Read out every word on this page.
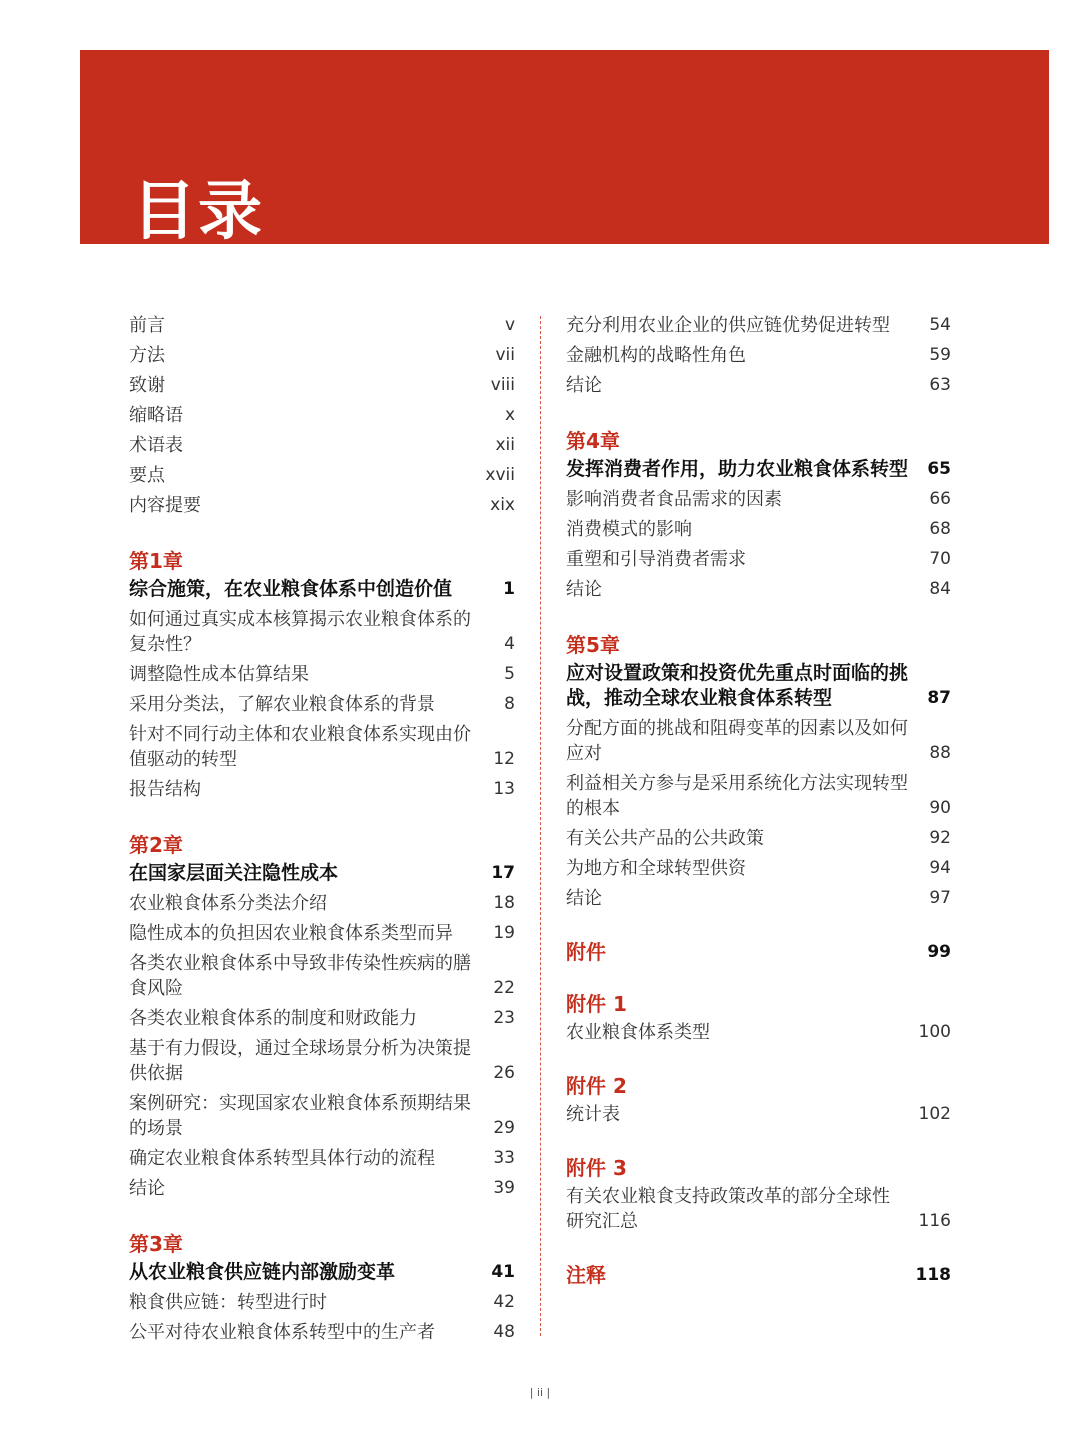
目录
前言	v
方法	vii
致谢	viii
缩略语	x
术语表	xii
要点	xvii
内容提要	xix
第1章
综合施策，在农业粮食体系中创造价值	1
如何通过真实成本核算揭示农业粮食体系的复杂性？	4
调整隐性成本估算结果	5
采用分类法，了解农业粮食体系的背景	8
针对不同行动主体和农业粮食体系实现由价值驱动的转型	12
报告结构	13
第2章
在国家层面关注隐性成本	17
农业粮食体系分类法介绍	18
隐性成本的负担因农业粮食体系类型而异	19
各类农业粮食体系中导致非传染性疾病的膳食风险	22
各类农业粮食体系的制度和财政能力	23
基于有力假设，通过全球场景分析为决策提供依据	26
案例研究：实现国家农业粮食体系预期结果的场景	29
确定农业粮食体系转型具体行动的流程	33
结论	39
第3章
从农业粮食供应链内部激励变革	41
粮食供应链：转型进行时	42
公平对待农业粮食体系转型中的生产者	48
充分利用农业企业的供应链优势促进转型	54
金融机构的战略性角色	59
结论	63
第4章
发挥消费者作用，助力农业粮食体系转型	65
影响消费者食品需求的因素	66
消费模式的影响	68
重塑和引导消费者需求	70
结论	84
第5章
应对设置政策和投资优先重点时面临的挑战，推动全球农业粮食体系转型	87
分配方面的挑战和阻碍变革的因素以及如何应对	88
利益相关方参与是采用系统化方法实现转型的根本	90
有关公共产品的公共政策	92
为地方和全球转型供资	94
结论	97
附件	99
附件 1
农业粮食体系类型	100
附件 2
统计表	102
附件 3
有关农业粮食支持政策改革的部分全球性研究汇总	116
注释	118
| ii |
